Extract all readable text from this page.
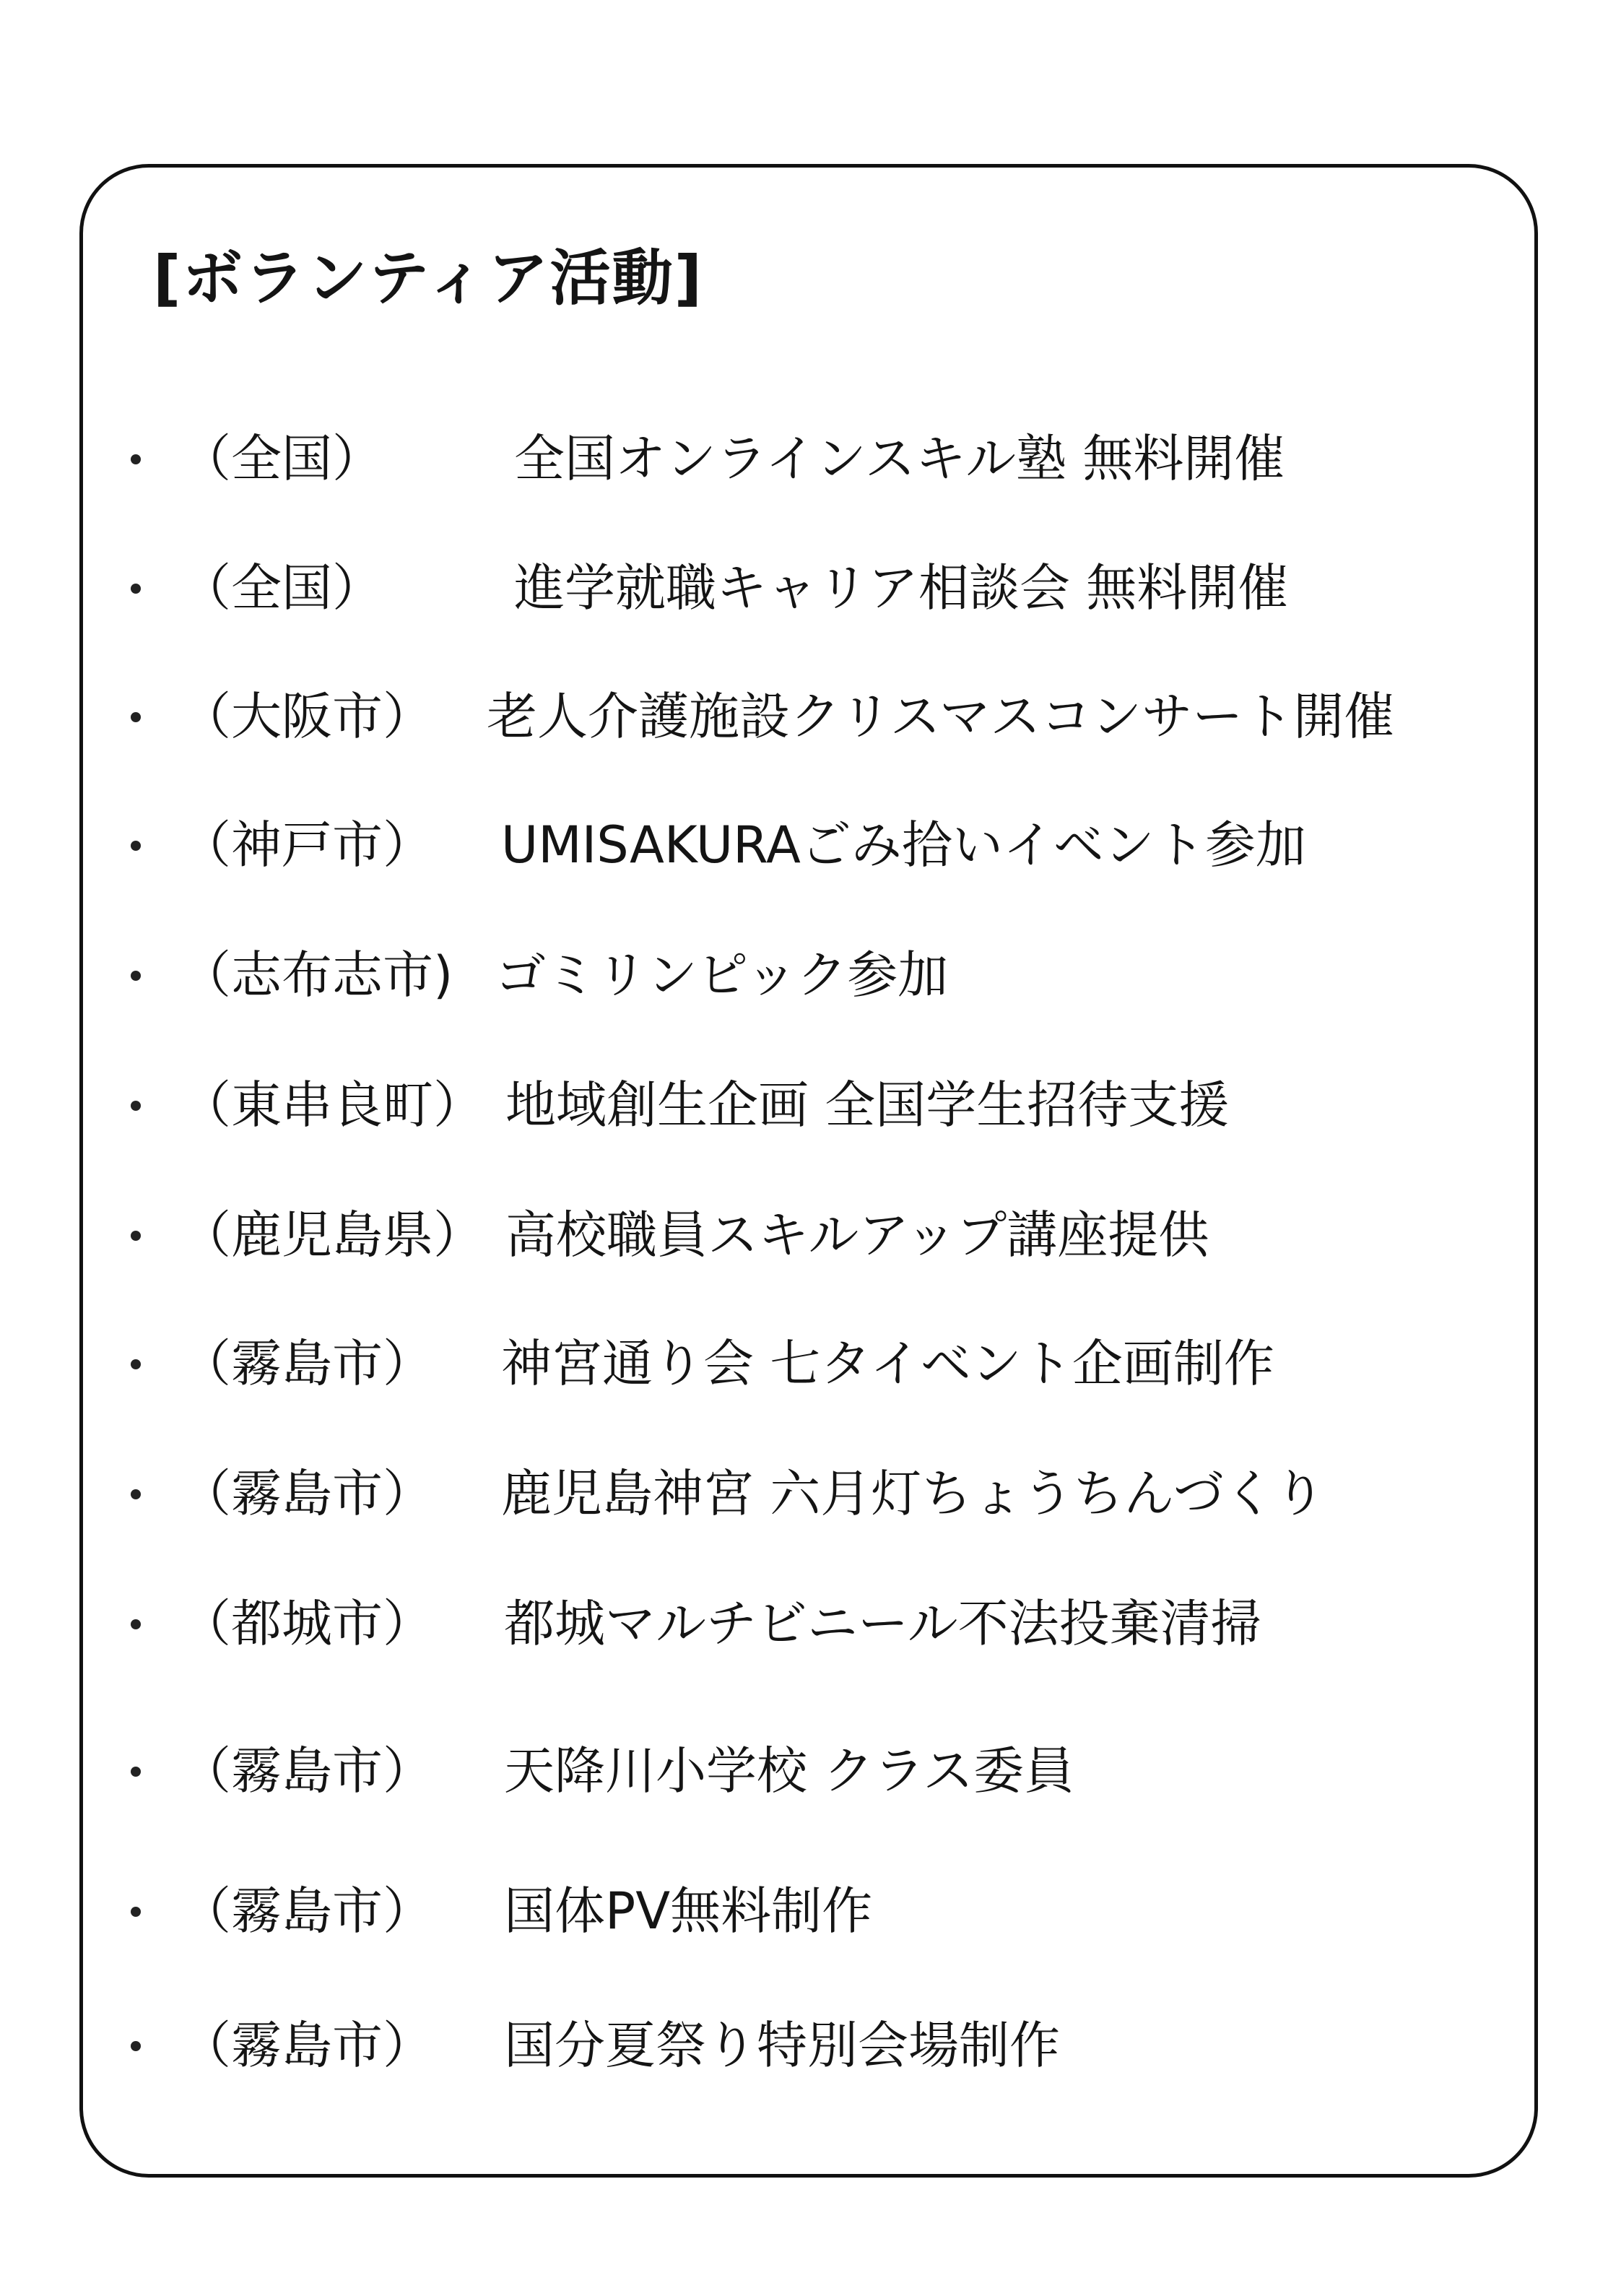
[ボランティア活動]
（全国）	全国オンラインスキル塾 無料開催
（全国）	進学就職キャリア相談会 無料開催
（大阪市） 老人介護施設クリスマスコンサート開催
（神戸市） UMISAKURAごみ拾いイベント参加
（志布志市) ゴミリンピック参加
（東串良町） 地域創生企画 全国学生招待支援
（鹿児島県） 高校職員スキルアップ講座提供
（霧島市） 神宮通り会 七タイベント企画制作
（霧島市） 鹿児島神宮 六月灯ちょうちんづくり
（都城市） 都城マルチビニール不法投棄清掃
（霧島市） 天降川小学校 クラス委員
（霧島市） 国体PV無料制作
（霧島市） 国分夏祭り特別会場制作
